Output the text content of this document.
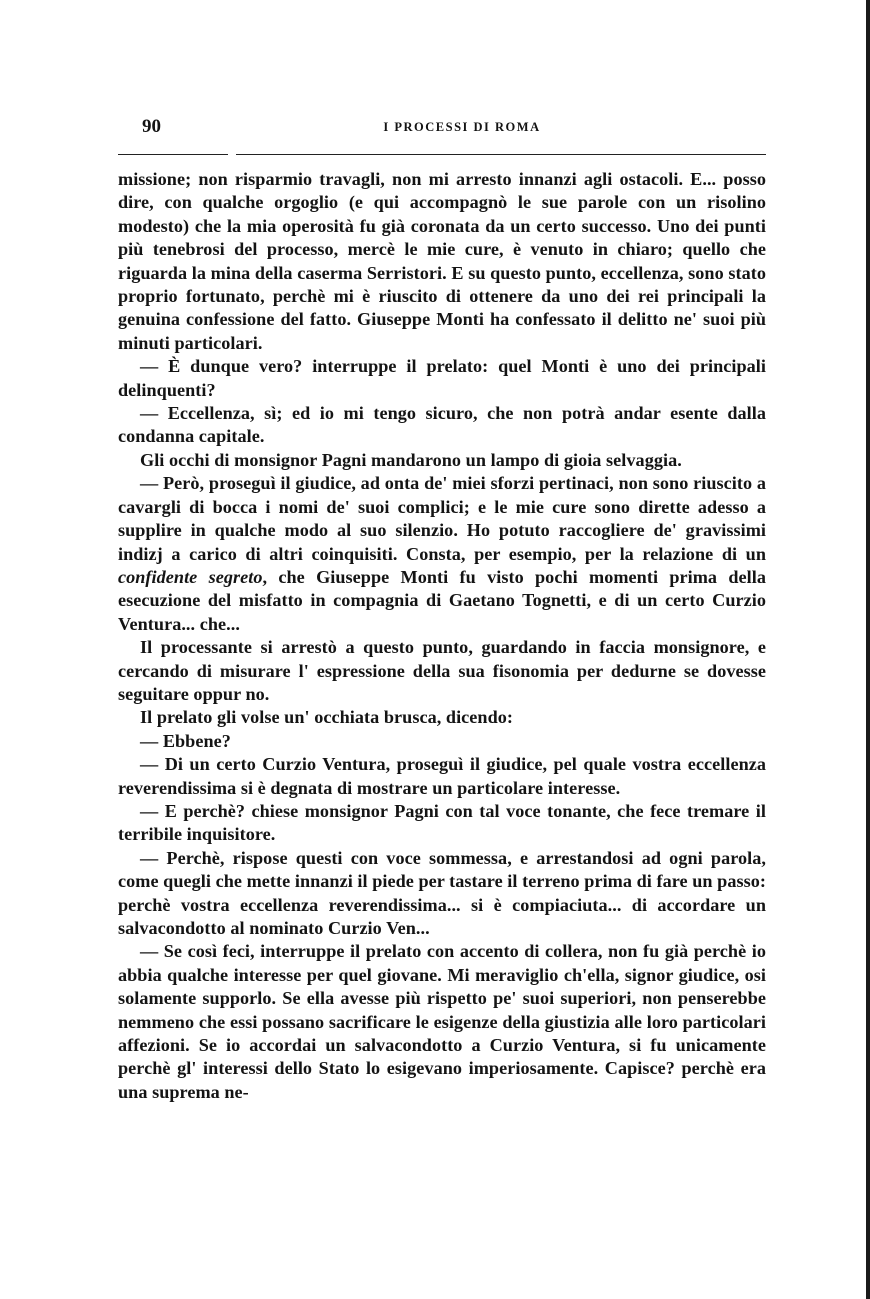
90	I PROCESSI DI ROMA

missione; non risparmio travagli, non mi arresto innanzi agli ostacoli. E... posso dire, con qualche orgoglio (e qui accompagnò le sue parole con un risolino modesto) che la mia operosità fu già coronata da un certo successo. Uno dei punti più tenebrosi del processo, mercè le mie cure, è venuto in chiaro; quello che riguarda la mina della caserma Serristori. E su questo punto, eccellenza, sono stato proprio fortunato, perchè mi è riuscito di ottenere da uno dei rei principali la genuina confessione del fatto. Giuseppe Monti ha confessato il delitto ne' suoi più minuti particolari.

— È dunque vero? interruppe il prelato: quel Monti è uno dei principali delinquenti?

— Eccellenza, sì; ed io mi tengo sicuro, che non potrà andar esente dalla condanna capitale.

Gli occhi di monsignor Pagni mandarono un lampo di gioia selvaggia.

— Però, proseguì il giudice, ad onta de' miei sforzi pertinaci, non sono riuscito a cavargli di bocca i nomi de' suoi complici; e le mie cure sono dirette adesso a supplire in qualche modo al suo silenzio. Ho potuto raccogliere de' gravissimi indizj a carico di altri coinquisiti. Consta, per esempio, per la relazione di un confidente segreto, che Giuseppe Monti fu visto pochi momenti prima della esecuzione del misfatto in compagnia di Gaetano Tognetti, e di un certo Curzio Ventura... che...

Il processante si arrestò a questo punto, guardando in faccia monsignore, e cercando di misurare l' espressione della sua fisonomia per dedurne se dovesse seguitare oppur no.

Il prelato gli volse un' occhiata brusca, dicendo:

— Ebbene?

— Di un certo Curzio Ventura, proseguì il giudice, pel quale vostra eccellenza reverendissima si è degnata di mostrare un particolare interesse.

— E perchè? chiese monsignor Pagni con tal voce tonante, che fece tremare il terribile inquisitore.

— Perchè, rispose questi con voce sommessa, e arrestandosi ad ogni parola, come quegli che mette innanzi il piede per tastare il terreno prima di fare un passo: perchè vostra eccellenza reverendissima... si è compiaciuta... di accordare un salvacondotto al nominato Curzio Ven...

— Se così feci, interruppe il prelato con accento di collera, non fu già perchè io abbia qualche interesse per quel giovane. Mi meraviglio ch'ella, signor giudice, osi solamente supporlo. Se ella avesse più rispetto pe' suoi superiori, non penserebbe nemmeno che essi possano sacrificare le esigenze della giustizia alle loro particolari affezioni. Se io accordai un salvacondotto a Curzio Ventura, si fu unicamente perchè gl' interessi dello Stato lo esigevano imperiosamente. Capisce? perchè era una suprema ne-
